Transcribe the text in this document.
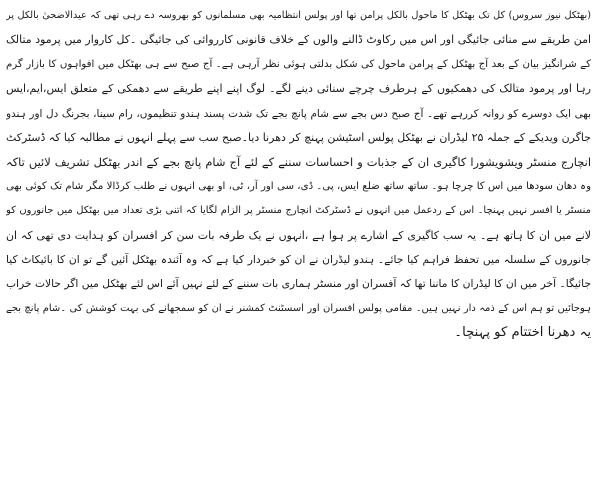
(بھٹکل نیوز سروس) کل تک بھٹکل کا ماحول بالکل پرامن تھا اور پولس انتظامیہ بھی مسلمانوں کو بھروسہ دے رہی تھی کہ عیدالاضحیٰ بالکل پر
امن طریقے سے منائی جائیگی اور اس میں رکاوٹ ڈالنے والوں کے خلاف قانونی کارروائی کی جائیگی ۔کل کاروار میں پرمود متالک
کے شرانگیز بیان کے بعد آج بھٹکل کے پرامن ماحول کی شکل بدلتی ہوئی نظر آرہی ہے۔ آج صبح سے ہی بھٹکل میں افواہوں کا بازار گرم
رہا اور پرمود متالک کی دھمکیوں کے ہرطرف چرچے سنائی دینے لگے۔ لوگ اپنے اپنے طریقے سے دھمکی کے متعلق ایس،ایم،ایس
بھی ایک دوسرے کو روانہ کررہے تھے۔ آج صبح دس بجے سے شام پانچ بجے تک شدت پسند ہندو تنظیموں، رام سینا، بجرنگ دل اور ہندو
جاگرن ویدیکے کے جملہ ۲۵ لیڈران نے بھٹکل پولس اسٹیشن پہنچ کر دھرنا دیا۔صبح سب سے پہلے انہوں نے مطالبہ کیا کہ ڈسٹرکٹ
انچارج منسٹر ویشویشورا کاگیری ان کے جذبات و احساسات سننے کے لئے آج شام پانچ بجے کے اندر بھٹکل تشریف لائیں تاکہ
وہ دھان سودھا میں اس کا چرچا ہو۔ ساتھ ساتھ ضلع ایس، پی۔ ڈی، سی اور آر، ٹی، او بھی انہوں نے طلب کرڈالا مگر شام تک کوئی بھی
منسٹر یا افسر نہیں پہنچا۔ اس کے ردعمل میں انہوں نے ڈسٹرکٹ انچارج منسٹر پر الزام لگایا کہ اتنی بڑی تعداد میں بھٹکل میں جانوروں کو
لانے میں ان کا ہاتھ ہے۔ یہ سب کاگیری کے اشارے پر ہوا ہے ،انہوں نے یک طرفہ بات سن کر افسران کو ہدایت دی تھی کہ ان
جانوروں کے سلسلہ میں تحفظ فراہم کیا جائے۔ ہندو لیڈران نے ان کو خبردار کیا ہے کہ وہ آئندہ بھٹکل آئیں گے تو ان کا بائیکاٹ کیا
جائیگا۔ آخر میں ان کا لیڈران کا ماننا تھا کہ آفسران اور منسٹر ہماری بات سننے کے لئے نہیں آئے اس لئے بھٹکل میں اگر حالات خراب
ہوجائیں تو ہم اس کے ذمہ دار نہیں ہیں۔ مقامی پولس افسران اور اسسٹنٹ کمشنر نے ان کو سمجھانے کی بہت کوشش کی ۔شام پانچ بجے
یہ دھرنا اختتام کو پہنچا۔
